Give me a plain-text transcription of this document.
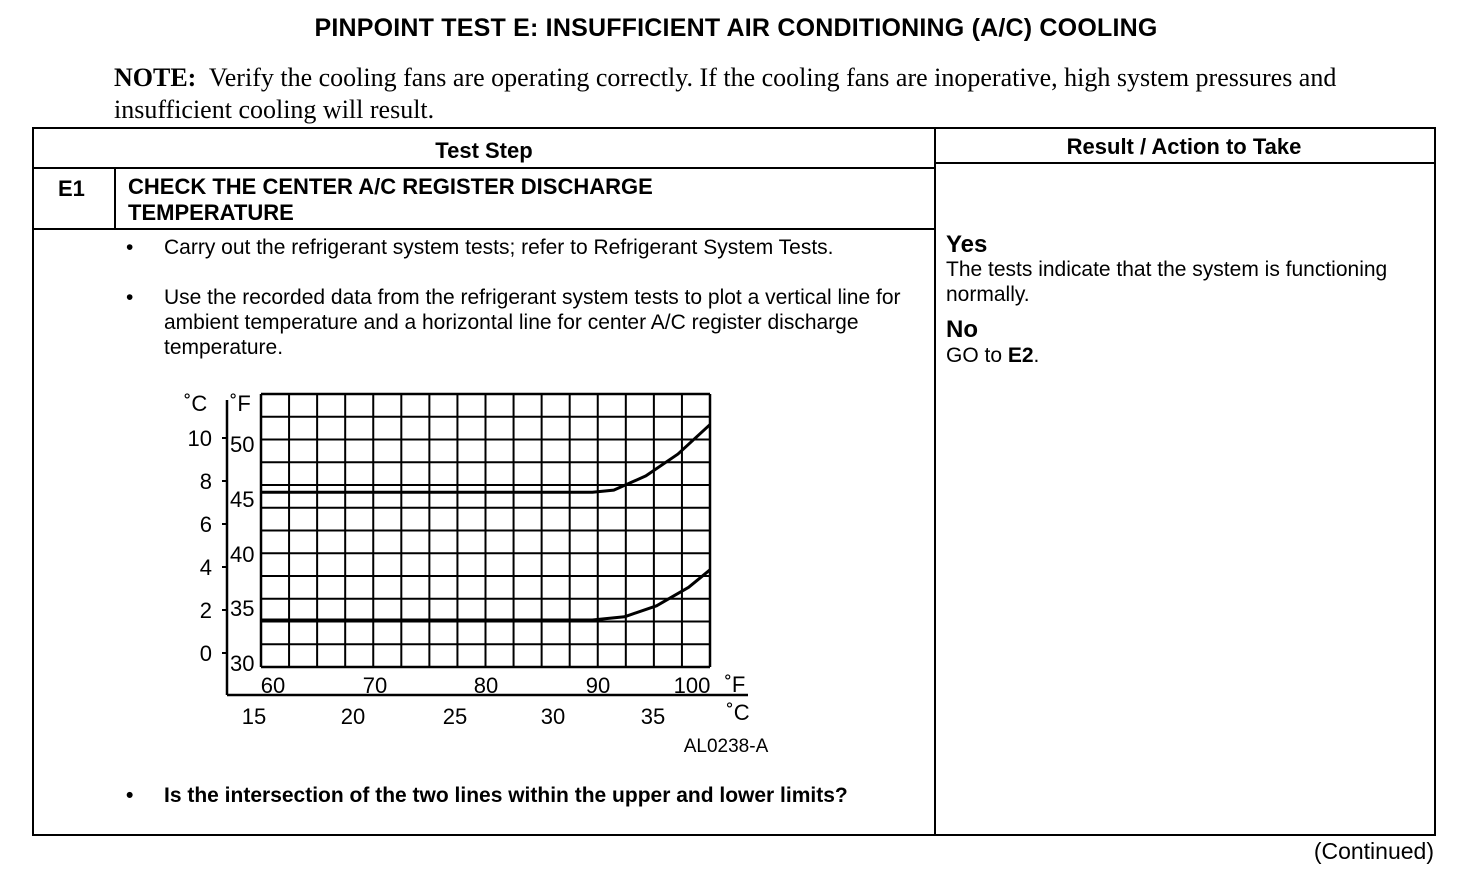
PINPOINT TEST E: INSUFFICIENT AIR CONDITIONING (A/C) COOLING
NOTE: Verify the cooling fans are operating correctly. If the cooling fans are inoperative, high system pressures and insufficient cooling will result.
Test Step	Result / Action to Take
E1 CHECK THE CENTER A/C REGISTER DISCHARGE TEMPERATURE
• Carry out the refrigerant system tests; refer to Refrigerant System Tests.
• Use the recorded data from the refrigerant system tests to plot a vertical line for ambient temperature and a horizontal line for center A/C register discharge temperature.
• Is the intersection of the two lines within the upper and lower limits?
Yes
The tests indicate that the system is functioning normally.
No
GO to E2.
˚C ˚F
10
8
6
4
2
0
50
45
40
35
30
60	70	80	90	100 ˚F
15	20	25	30	35	˚C
AL0238-A
(Continued)
